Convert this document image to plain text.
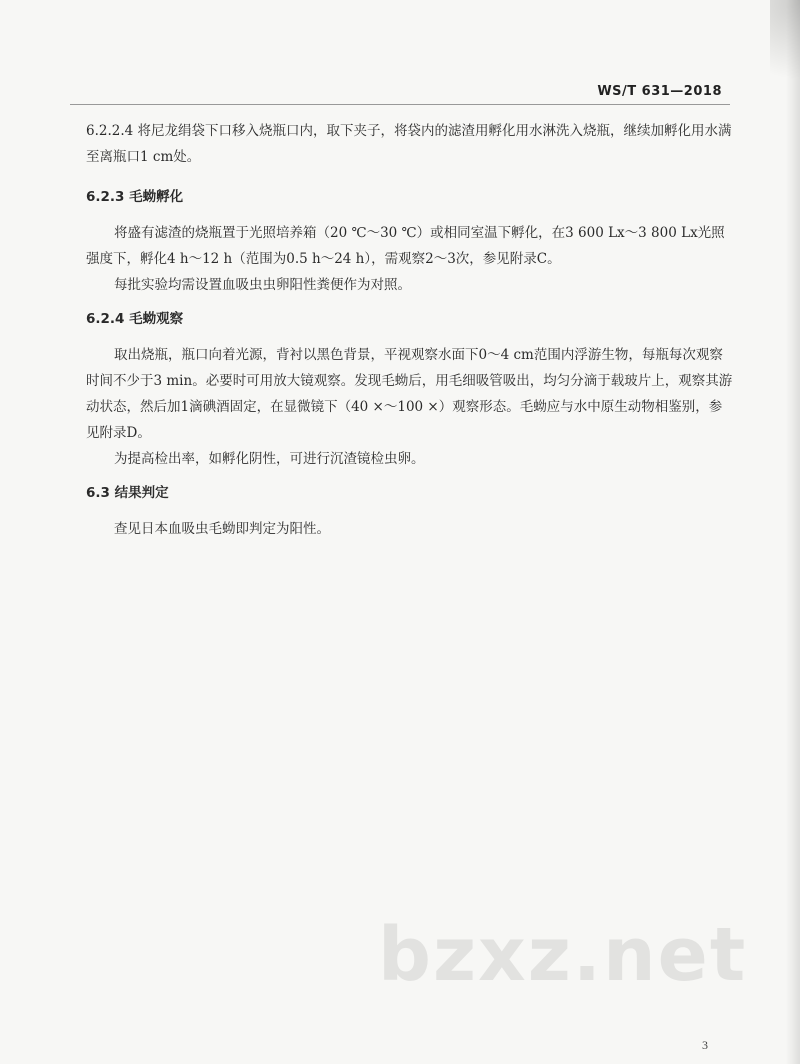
WS/T 631—2018

6.2.2.4 将尼龙绢袋下口移入烧瓶口内，取下夹子，将袋内的滤渣用孵化用水淋洗入烧瓶，继续加孵化用水满至离瓶口1 cm处。

6.2.3 毛蚴孵化

将盛有滤渣的烧瓶置于光照培养箱（20 ℃～30 ℃）或相同室温下孵化，在3 600 Lx～3 800 Lx光照强度下，孵化4 h～12 h（范围为0.5 h～24 h），需观察2～3次，参见附录C。

每批实验均需设置血吸虫虫卵阳性粪便作为对照。

6.2.4 毛蚴观察

取出烧瓶，瓶口向着光源，背衬以黑色背景，平视观察水面下0～4 cm范围内浮游生物，每瓶每次观察时间不少于3 min。必要时可用放大镜观察。发现毛蚴后，用毛细吸管吸出，均匀分滴于载玻片上，观察其游动状态，然后加1滴碘酒固定，在显微镜下（40 ×～100 ×）观察形态。毛蚴应与水中原生动物相鉴别，参见附录D。

为提高检出率，如孵化阴性，可进行沉渣镜检虫卵。

6.3 结果判定

查见日本血吸虫毛蚴即判定为阳性。

bzxz.net
3
